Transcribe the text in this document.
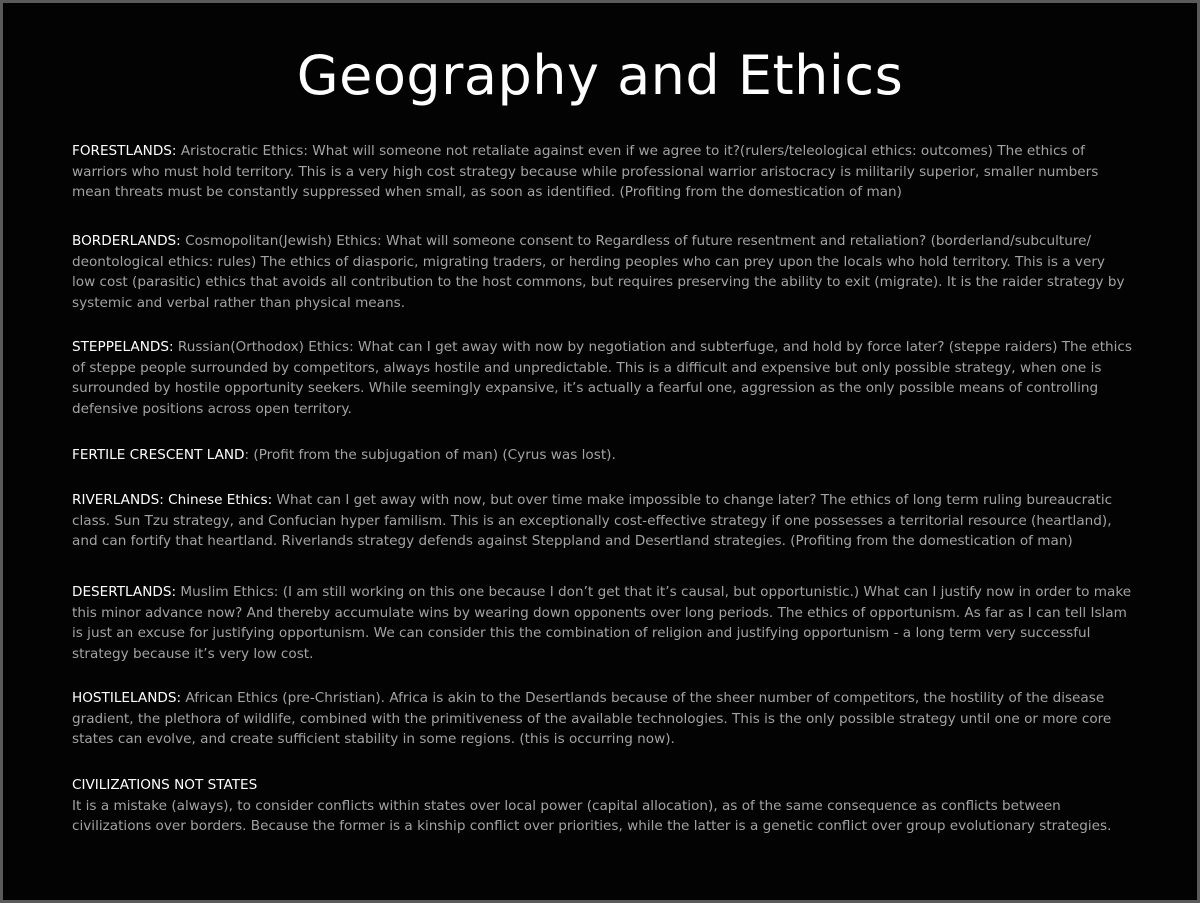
Geography and Ethics

FORESTLANDS: Aristocratic Ethics: What will someone not retaliate against even if we agree to it?(rulers/teleological ethics: outcomes) The ethics of warriors who must hold territory. This is a very high cost strategy because while professional warrior aristocracy is militarily superior, smaller numbers mean threats must be constantly suppressed when small, as soon as identified. (Profiting from the domestication of man)

BORDERLANDS: Cosmopolitan(Jewish) Ethics: What will someone consent to Regardless of future resentment and retaliation? (borderland/subculture/ deontological ethics: rules) The ethics of diasporic, migrating traders, or herding peoples who can prey upon the locals who hold territory. This is a very low cost (parasitic) ethics that avoids all contribution to the host commons, but requires preserving the ability to exit (migrate). It is the raider strategy by systemic and verbal rather than physical means.

STEPPELANDS: Russian(Orthodox) Ethics: What can I get away with now by negotiation and subterfuge, and hold by force later? (steppe raiders) The ethics of steppe people surrounded by competitors, always hostile and unpredictable. This is a difficult and expensive but only possible strategy, when one is surrounded by hostile opportunity seekers. While seemingly expansive, it’s actually a fearful one, aggression as the only possible means of controlling defensive positions across open territory.

FERTILE CRESCENT LAND: (Profit from the subjugation of man) (Cyrus was lost).

RIVERLANDS: Chinese Ethics: What can I get away with now, but over time make impossible to change later? The ethics of long term ruling bureaucratic class. Sun Tzu strategy, and Confucian hyper familism. This is an exceptionally cost-effective strategy if one possesses a territorial resource (heartland), and can fortify that heartland. Riverlands strategy defends against Steppland and Desertland strategies. (Profiting from the domestication of man)

DESERTLANDS: Muslim Ethics: (I am still working on this one because I don’t get that it’s causal, but opportunistic.) What can I justify now in order to make this minor advance now? And thereby accumulate wins by wearing down opponents over long periods. The ethics of opportunism. As far as I can tell Islam is just an excuse for justifying opportunism. We can consider this the combination of religion and justifying opportunism - a long term very successful strategy because it’s very low cost.

HOSTILELANDS: African Ethics (pre-Christian). Africa is akin to the Desertlands because of the sheer number of competitors, the hostility of the disease gradient, the plethora of wildlife, combined with the primitiveness of the available technologies. This is the only possible strategy until one or more core states can evolve, and create sufficient stability in some regions. (this is occurring now).

CIVILIZATIONS NOT STATES
It is a mistake (always), to consider conflicts within states over local power (capital allocation), as of the same consequence as conflicts between civilizations over borders. Because the former is a kinship conflict over priorities, while the latter is a genetic conflict over group evolutionary strategies.
